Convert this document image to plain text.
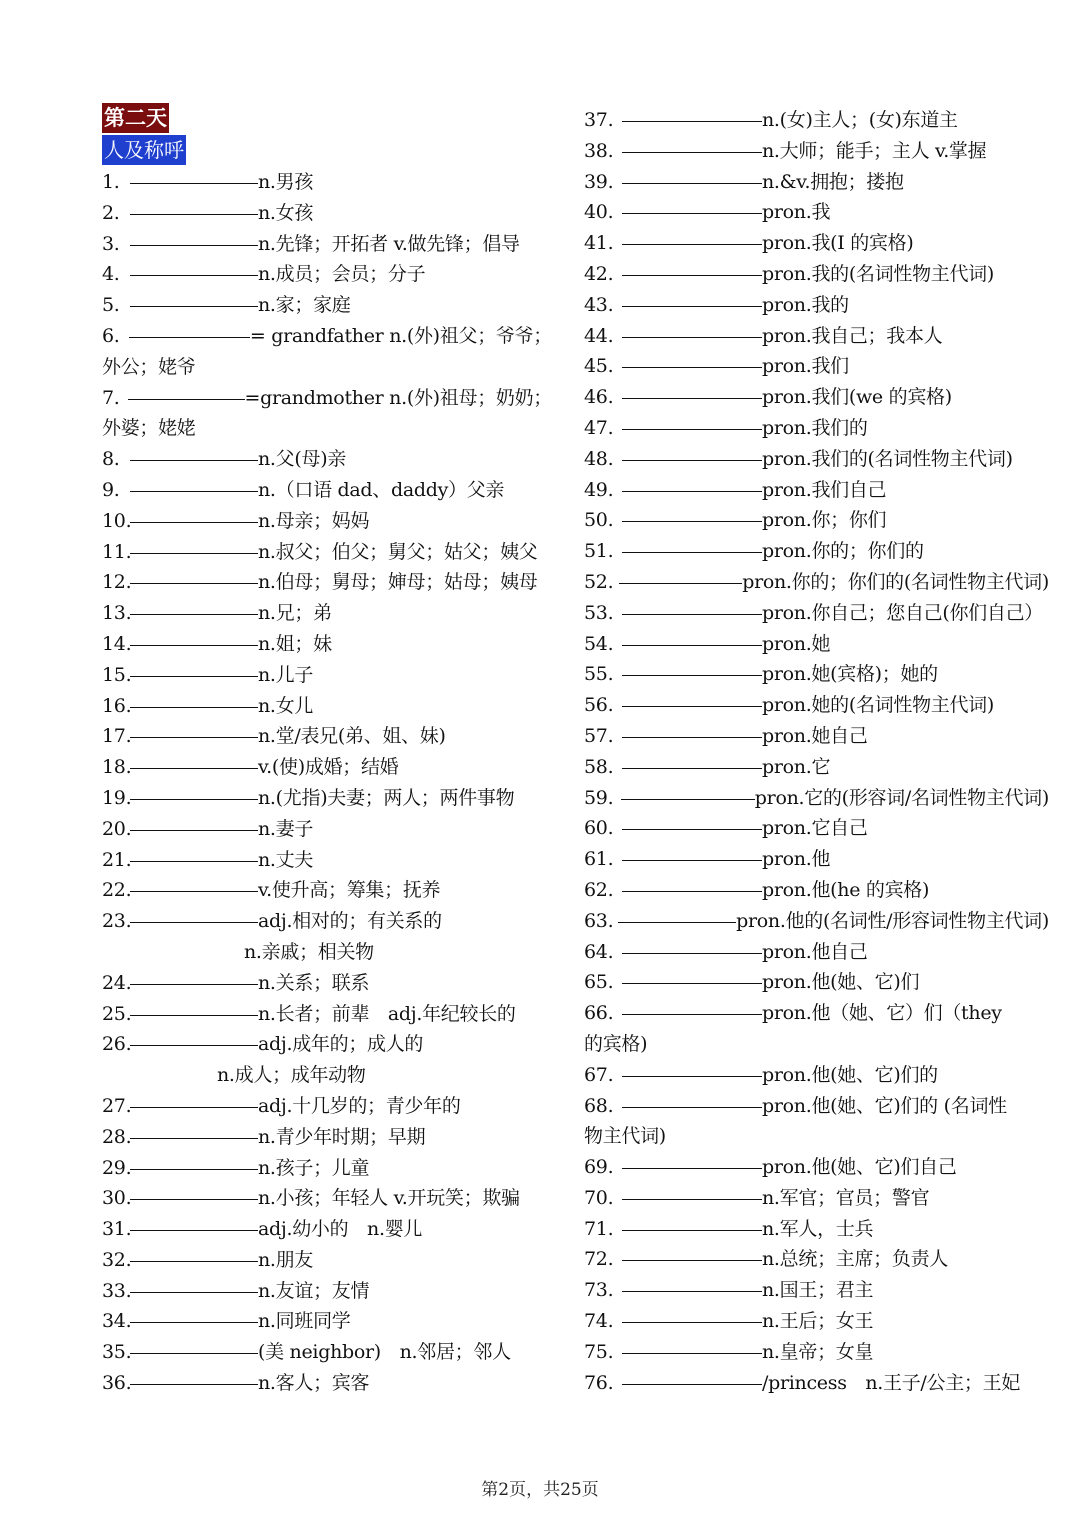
第二天
人及称呼
1.	n.男孩
2.	n.女孩
3.	n.先锋；开拓者 v.做先锋；倡导
4.	n.成员；会员；分子
5.	n.家；家庭
6.	= grandfather n.(外)祖父；爷爷；
外公；姥爷
7.	=grandmother n.(外)祖母；奶奶；
外婆；姥姥
8.	n.父(母)亲
9.	n.（口语 dad、daddy）父亲
10.	n.母亲；妈妈
11.	n.叔父；伯父；舅父；姑父；姨父
12.	n.伯母；舅母；婶母；姑母；姨母
13.	n.兄；弟
14.	n.姐；妹
15.	n.儿子
16.	n.女儿
17.	n.堂/表兄(弟、姐、妹)
18.	v.(使)成婚；结婚
19.	n.(尤指)夫妻；两人；两件事物
20.	n.妻子
21.	n.丈夫
22.	v.使升高；筹集；抚养
23.	adj.相对的；有关系的
n.亲戚；相关物
24.	n.关系；联系
25.	n.长者；前辈　adj.年纪较长的
26.	adj.成年的；成人的
n.成人；成年动物
27.	adj.十几岁的；青少年的
28.	n.青少年时期；早期
29.	n.孩子；儿童
30.	n.小孩；年轻人 v.开玩笑；欺骗
31.	adj.幼小的　n.婴儿
32.	n.朋友
33.	n.友谊；友情
34.	n.同班同学
35.	(美 neighbor)　n.邻居；邻人
36.	n.客人；宾客
37.	n.(女)主人；(女)东道主
38.	n.大师；能手；主人 v.掌握
39.	n.&v.拥抱；搂抱
40.	pron.我
41.	pron.我(I 的宾格)
42.	pron.我的(名词性物主代词)
43.	pron.我的
44.	pron.我自己；我本人
45.	pron.我们
46.	pron.我们(we 的宾格)
47.	pron.我们的
48.	pron.我们的(名词性物主代词)
49.	pron.我们自己
50.	pron.你；你们
51.	pron.你的；你们的
52.	pron.你的；你们的(名词性物主代词)
53.	pron.你自己；您自己(你们自己）
54.	pron.她
55.	pron.她(宾格)；她的
56.	pron.她的(名词性物主代词)
57.	pron.她自己
58.	pron.它
59.	pron.它的(形容词/名词性物主代词)
60.	pron.它自己
61.	pron.他
62.	pron.他(he 的宾格)
63.	pron.他的(名词性/形容词性物主代词)
64.	pron.他自己
65.	pron.他(她、它)们
66.	pron.他（她、它）们（they
的宾格)
67.	pron.他(她、它)们的
68.	pron.他(她、它)们的 (名词性
物主代词)
69.	pron.他(她、它)们自己
70.	n.军官；官员；警官
71.	n.军人，士兵
72.	n.总统；主席；负责人
73.	n.国王；君主
74.	n.王后；女王
75.	n.皇帝；女皇
76.	/princess　n.王子/公主；王妃
第2页，共25页
